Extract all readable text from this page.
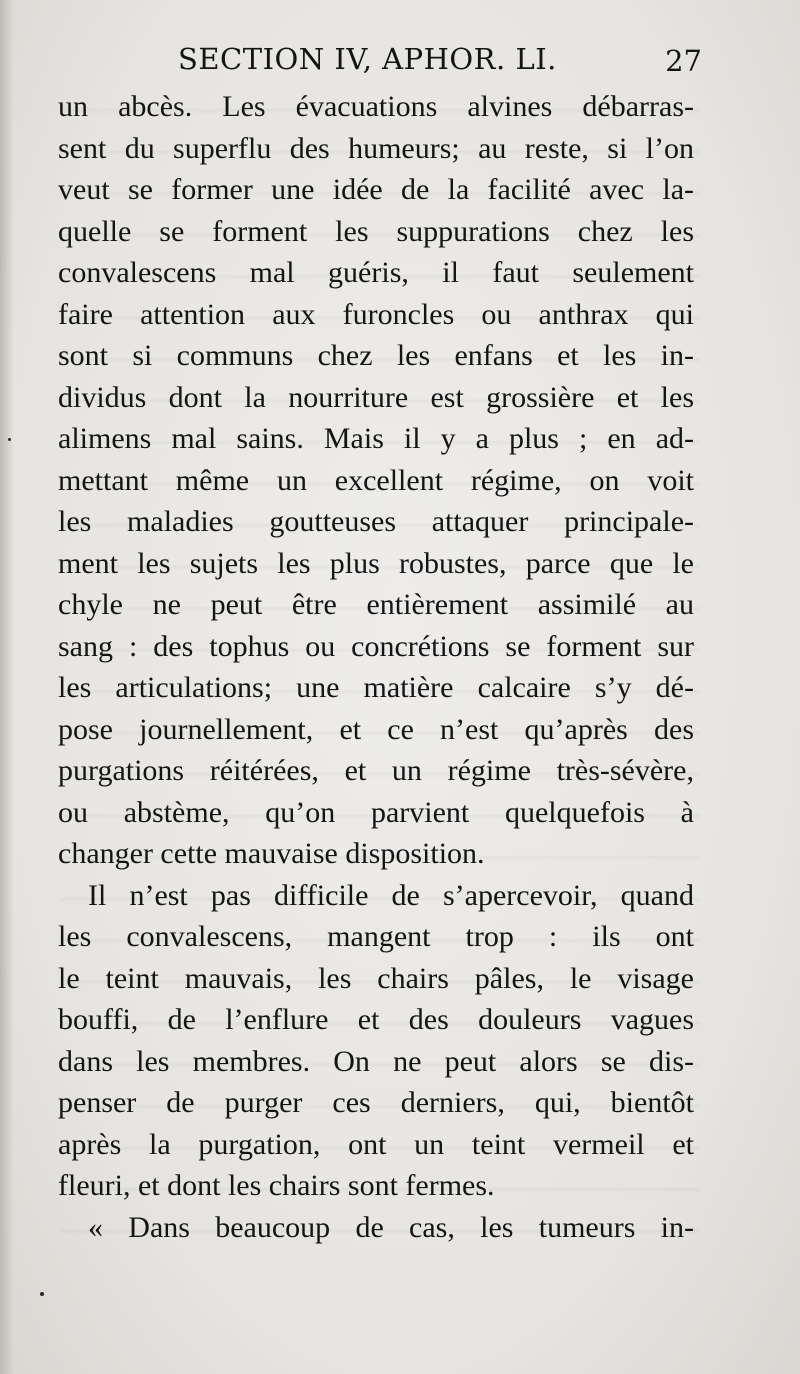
SECTION IV, APHOR. LI.	27
un abcès. Les évacuations alvines débarras-
sent du superflu des humeurs; au reste, si l’on
veut se former une idée de la facilité avec la-
quelle se forment les suppurations chez les
convalescens mal guéris, il faut seulement
faire attention aux furoncles ou anthrax qui
sont si communs chez les enfans et les in-
dividus dont la nourriture est grossière et les
alimens mal sains. Mais il y a plus ; en ad-
mettant même un excellent régime, on voit
les maladies goutteuses attaquer principale-
ment les sujets les plus robustes, parce que le
chyle ne peut être entièrement assimilé au
sang : des tophus ou concrétions se forment sur
les articulations; une matière calcaire s’y dé-
pose journellement, et ce n’est qu’après des
purgations réitérées, et un régime très-sévère,
ou abstème, qu’on parvient quelquefois à
changer cette mauvaise disposition.
Il n’est pas difficile de s’apercevoir, quand
les convalescens, mangent trop : ils ont
le teint mauvais, les chairs pâles, le visage
bouffi, de l’enflure et des douleurs vagues
dans les membres. On ne peut alors se dis-
penser de purger ces derniers, qui, bientôt
après la purgation, ont un teint vermeil et
fleuri, et dont les chairs sont fermes.
« Dans beaucoup de cas, les tumeurs in-
